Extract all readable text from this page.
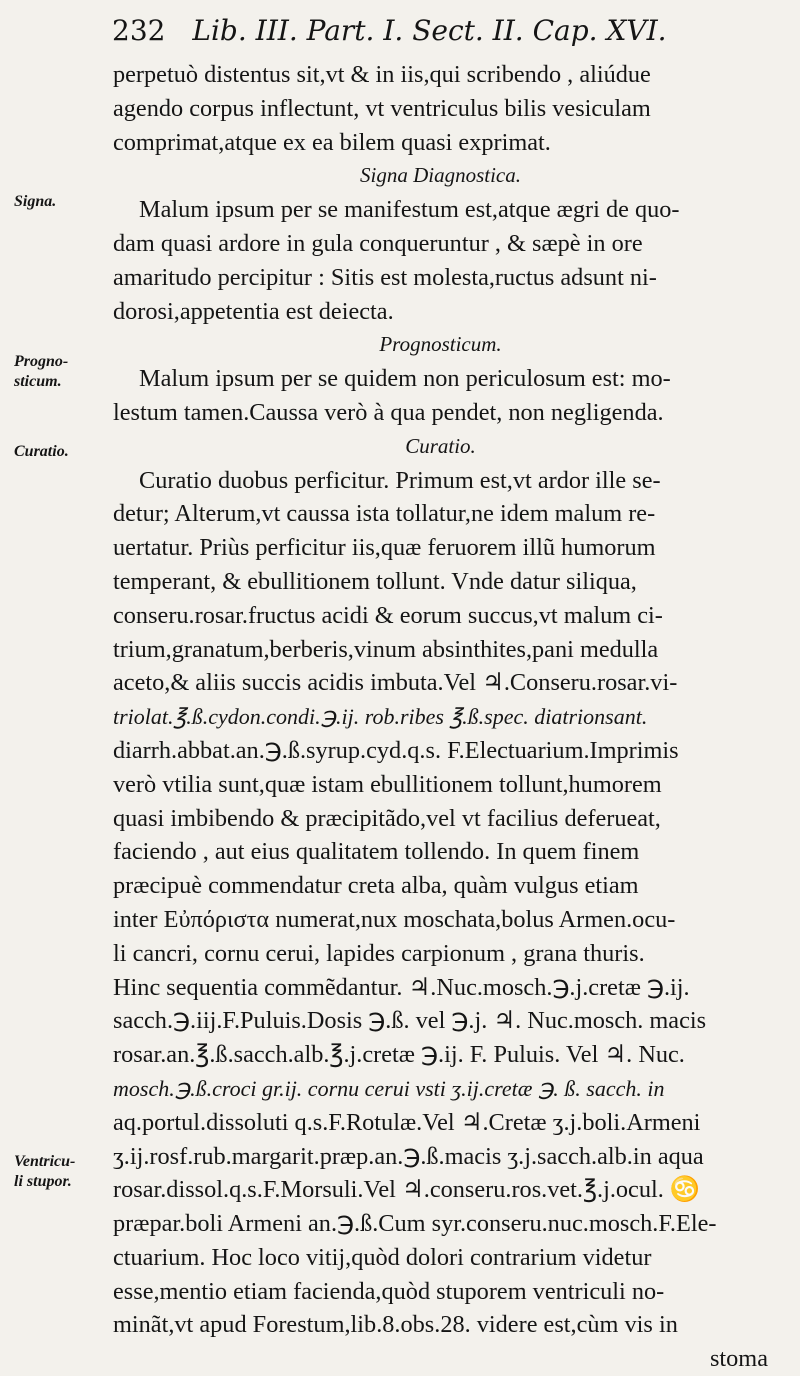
232 Lib. III. Part. I. Sect. II. Cap. XVI.
Signa.
Progno-
sticum.
Curatio.
Ventricu-
li stupor.
perpetuò distentus sit,vt & in iis,qui scribendo , aliúdue
agendo corpus inflectunt, vt ventriculus bilis vesiculam
comprimat,atque ex ea bilem quasi exprimat.
Signa Diagnostica.
Malum ipsum per se manifestum est,atque ægri de quo-
dam quasi ardore in gula conqueruntur , & sæpè in ore
amaritudo percipitur : Sitis est molesta,ructus adsunt ni-
dorosi,appetentia est deiecta.
Prognosticum.
Malum ipsum per se quidem non periculosum est: mo-
lestum tamen.Caussa verò à qua pendet, non negligenda.
Curatio.
Curatio duobus perficitur. Primum est,vt ardor ille se-
detur; Alterum,vt caussa ista tollatur,ne idem malum re-
uertatur. Priùs perficitur iis,quæ feruorem illũ humorum
temperant, & ebullitionem tollunt. Vnde datur siliqua,
conseru.rosar.fructus acidi & eorum succus,vt malum ci-
trium,granatum,berberis,vinum absinthites,pani medulla
aceto,& aliis succis acidis imbuta.Vel ♃.Conseru.rosar.vi-
triolat.℥.ß.cydon.condi.℈.ij. rob.ribes ℥.ß.spec. diatrionsant.
diarrh.abbat.an.℈.ß.syrup.cyd.q.s. F.Electuarium.Imprimis
verò vtilia sunt,quæ istam ebullitionem tollunt,humorem
quasi imbibendo & præcipitãdo,vel vt facilius deferueat,
faciendo , aut eius qualitatem tollendo. In quem finem
præcipuè commendatur creta alba, quàm vulgus etiam
inter Εὐπόριστα numerat,nux moschata,bolus Armen.ocu-
li cancri, cornu cerui, lapides carpionum , grana thuris.
Hinc sequentia commẽdantur. ♃.Nuc.mosch.℈.j.cretæ ℈.ij.
sacch.℈.iij.F.Puluis.Dosis ℈.ß. vel ℈.j. ♃. Nuc.mosch. macis
rosar.an.℥.ß.sacch.alb.℥.j.cretæ ℈.ij. F. Puluis. Vel ♃. Nuc.
mosch.℈.ß.croci gr.ij. cornu cerui vsti ʒ.ij.cretæ ℈. ß. sacch. in
aq.portul.dissoluti q.s.F.Rotulæ.Vel ♃.Cretæ ʒ.j.boli.Armeni
ʒ.ij.rosf.rub.margarit.præp.an.℈.ß.macis ʒ.j.sacch.alb.in aqua
rosar.dissol.q.s.F.Morsuli.Vel ♃.conseru.ros.vet.℥.j.ocul. ♋
præpar.boli Armeni an.℈.ß.Cum syr.conseru.nuc.mosch.F.Ele-
ctuarium. Hoc loco vitij,quòd dolori contrarium videtur
esse,mentio etiam facienda,quòd stuporem ventriculi no-
minãt,vt apud Forestum,lib.8.obs.28. videre est,cùm vis in
stoma
